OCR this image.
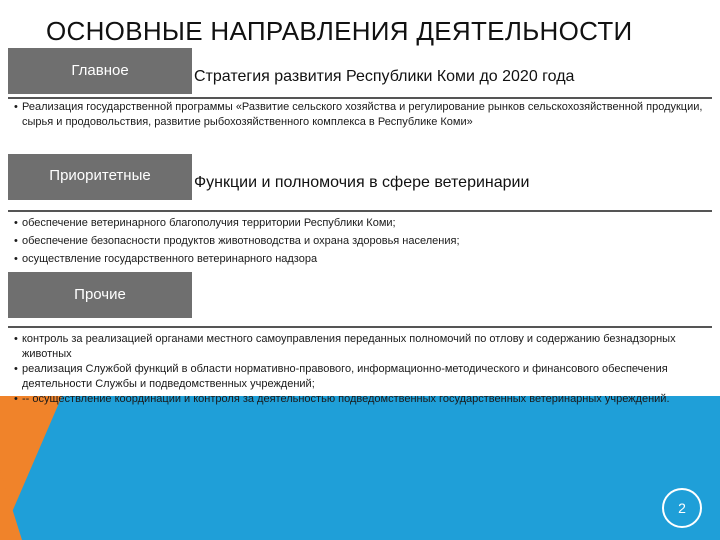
ОСНОВНЫЕ НАПРАВЛЕНИЯ ДЕЯТЕЛЬНОСТИ
Главное	Стратегия развития Республики Коми до 2020 года
• Реализация государственной программы «Развитие сельского хозяйства и регулирование рынков сельскохозяйственной продукции, сырья и продовольствия, развитие рыбохозяйственного комплекса в Республике Коми»
Приоритетные	Функции и полномочия в сфере ветеринарии
• обеспечение ветеринарного благополучия территории Республики Коми;
• обеспечение безопасности продуктов животноводства и охрана здоровья населения;
• осуществление государственного ветеринарного надзора
Прочие
• контроль за реализацией органами местного самоуправления переданных полномочий по отлову и содержанию безнадзорных животных
• реализация Службой функций в области нормативно-правового, информационно-методического и финансового обеспечения деятельности Службы и подведомственных учреждений;
• -- осуществление координации и контроля за деятельностью подведомственных государственных ветеринарных учреждений.
2
